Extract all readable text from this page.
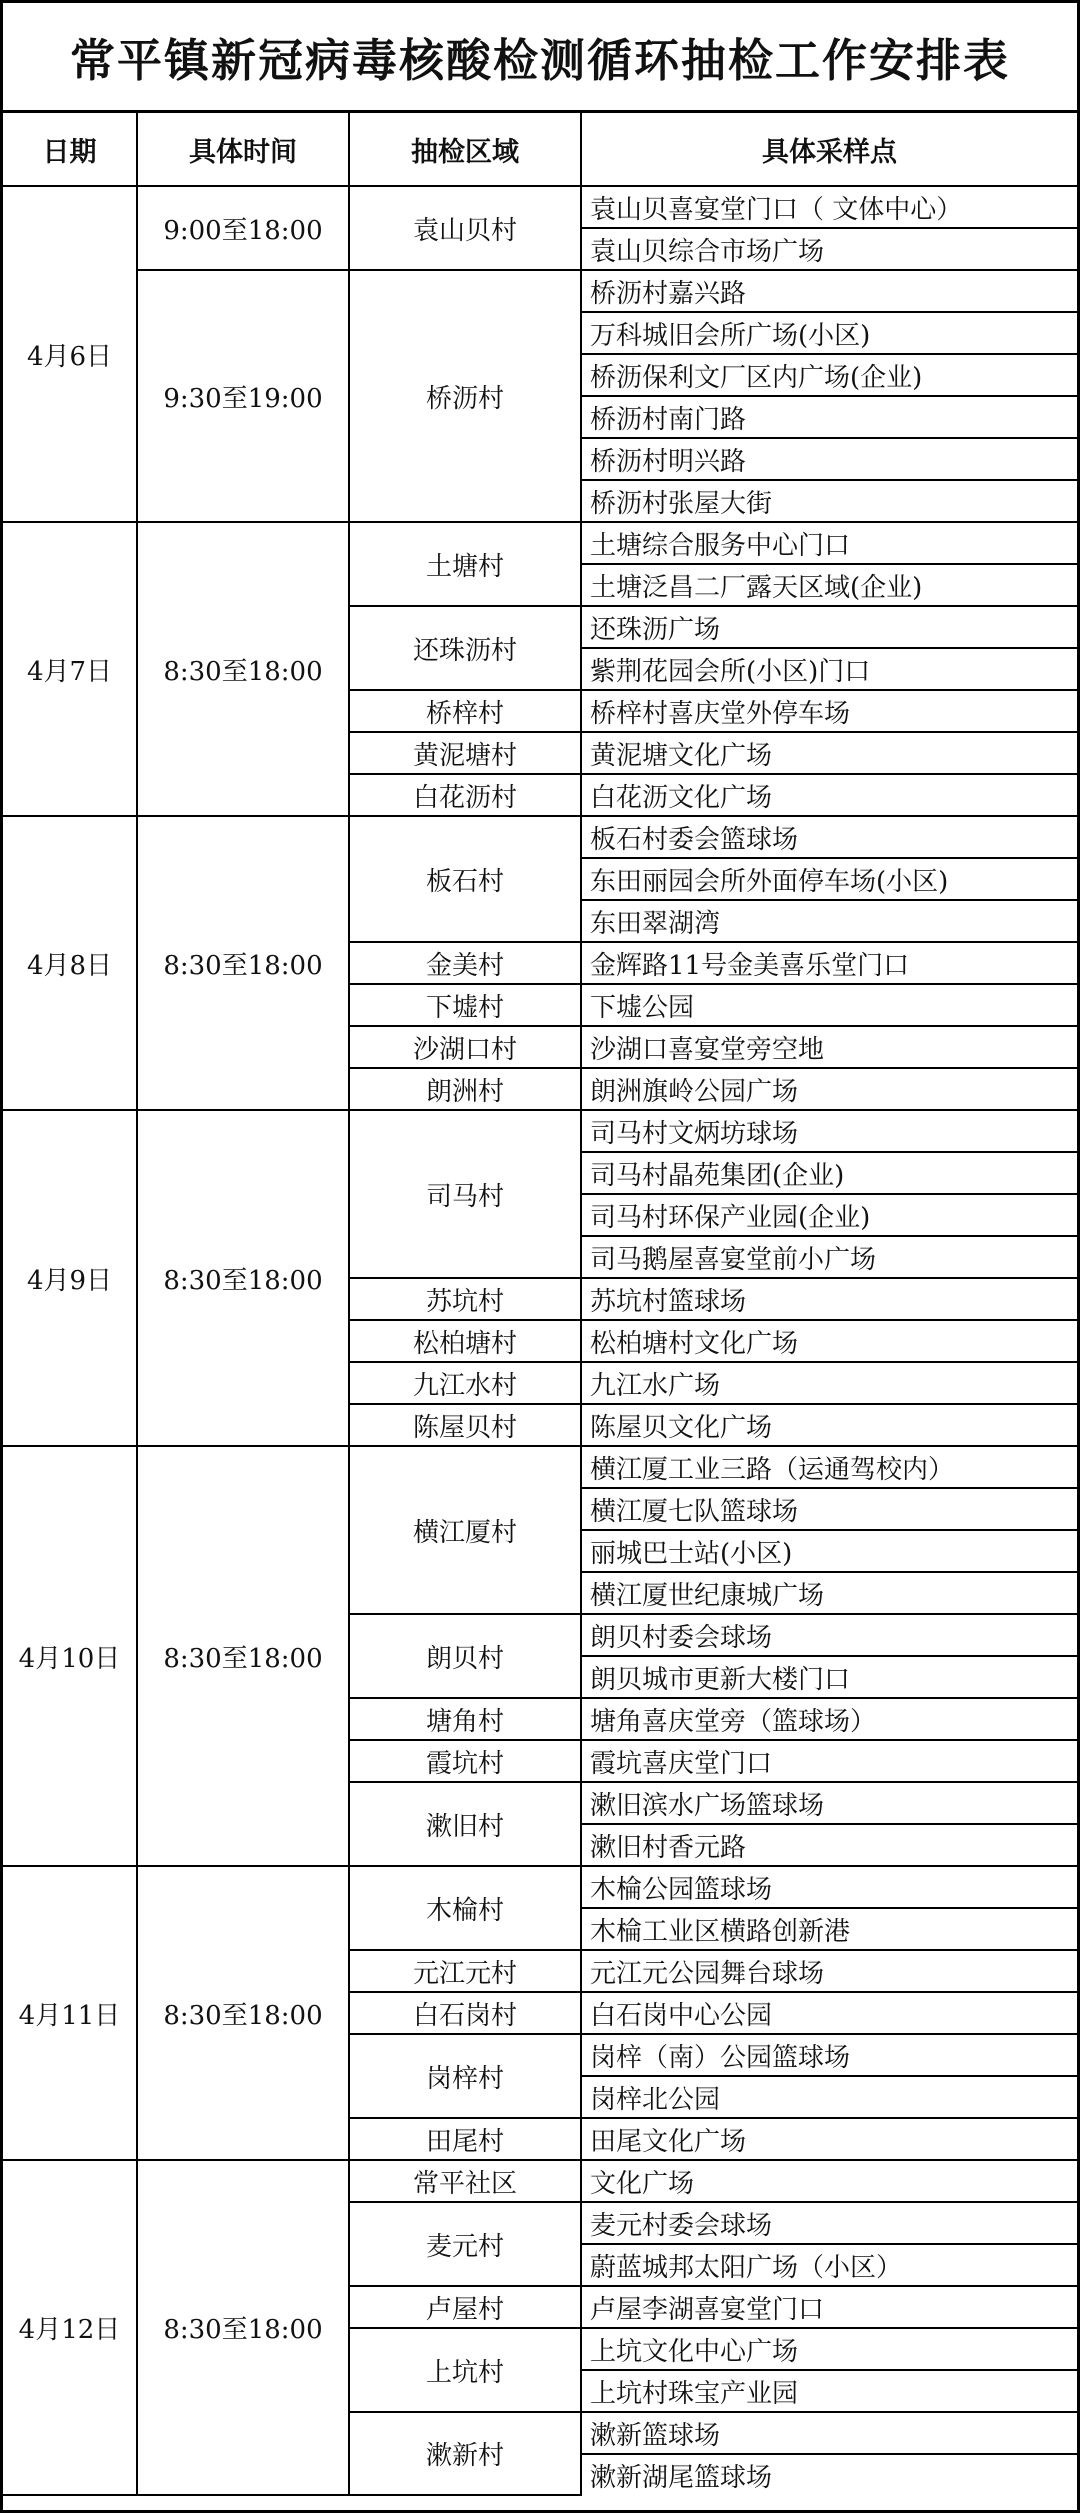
常平镇新冠病毒核酸检测循环抽检工作安排表
日期	具体时间	抽检区域	具体采样点
4月6日	9:00至18:00	袁山贝村	袁山贝喜宴堂门口（ 文体中心）
			袁山贝综合市场广场
	9:30至19:00	桥沥村	桥沥村嘉兴路
			万科城旧会所广场(小区)
			桥沥保利文厂区内广场(企业)
			桥沥村南门路
			桥沥村明兴路
			桥沥村张屋大街
4月7日	8:30至18:00	土塘村	土塘综合服务中心门口
			土塘泛昌二厂露天区域(企业)
		还珠沥村	还珠沥广场
			紫荆花园会所(小区)门口
		桥梓村	桥梓村喜庆堂外停车场
		黄泥塘村	黄泥塘文化广场
		白花沥村	白花沥文化广场
4月8日	8:30至18:00	板石村	板石村委会篮球场
			东田丽园会所外面停车场(小区)
			东田翠湖湾
		金美村	金辉路11号金美喜乐堂门口
		下墟村	下墟公园
		沙湖口村	沙湖口喜宴堂旁空地
		朗洲村	朗洲旗岭公园广场
4月9日	8:30至18:00	司马村	司马村文炳坊球场
			司马村晶苑集团(企业)
			司马村环保产业园(企业)
			司马鹅屋喜宴堂前小广场
		苏坑村	苏坑村篮球场
		松柏塘村	松柏塘村文化广场
		九江水村	九江水广场
		陈屋贝村	陈屋贝文化广场
4月10日	8:30至18:00	横江厦村	横江厦工业三路（运通驾校内）
			横江厦七队篮球场
			丽城巴士站(小区)
			横江厦世纪康城广场
		朗贝村	朗贝村委会球场
			朗贝城市更新大楼门口
		塘角村	塘角喜庆堂旁（篮球场）
		霞坑村	霞坑喜庆堂门口
		漱旧村	漱旧滨水广场篮球场
			漱旧村香元路
4月11日	8:30至18:00	木棆村	木棆公园篮球场
			木棆工业区横路创新港
		元江元村	元江元公园舞台球场
		白石岗村	白石岗中心公园
		岗梓村	岗梓（南）公园篮球场
			岗梓北公园
		田尾村	田尾文化广场
4月12日	8:30至18:00	常平社区	文化广场
		麦元村	麦元村委会球场
			蔚蓝城邦太阳广场（小区）
		卢屋村	卢屋李湖喜宴堂门口
		上坑村	上坑文化中心广场
			上坑村珠宝产业园
		漱新村	漱新篮球场
			漱新湖尾篮球场
